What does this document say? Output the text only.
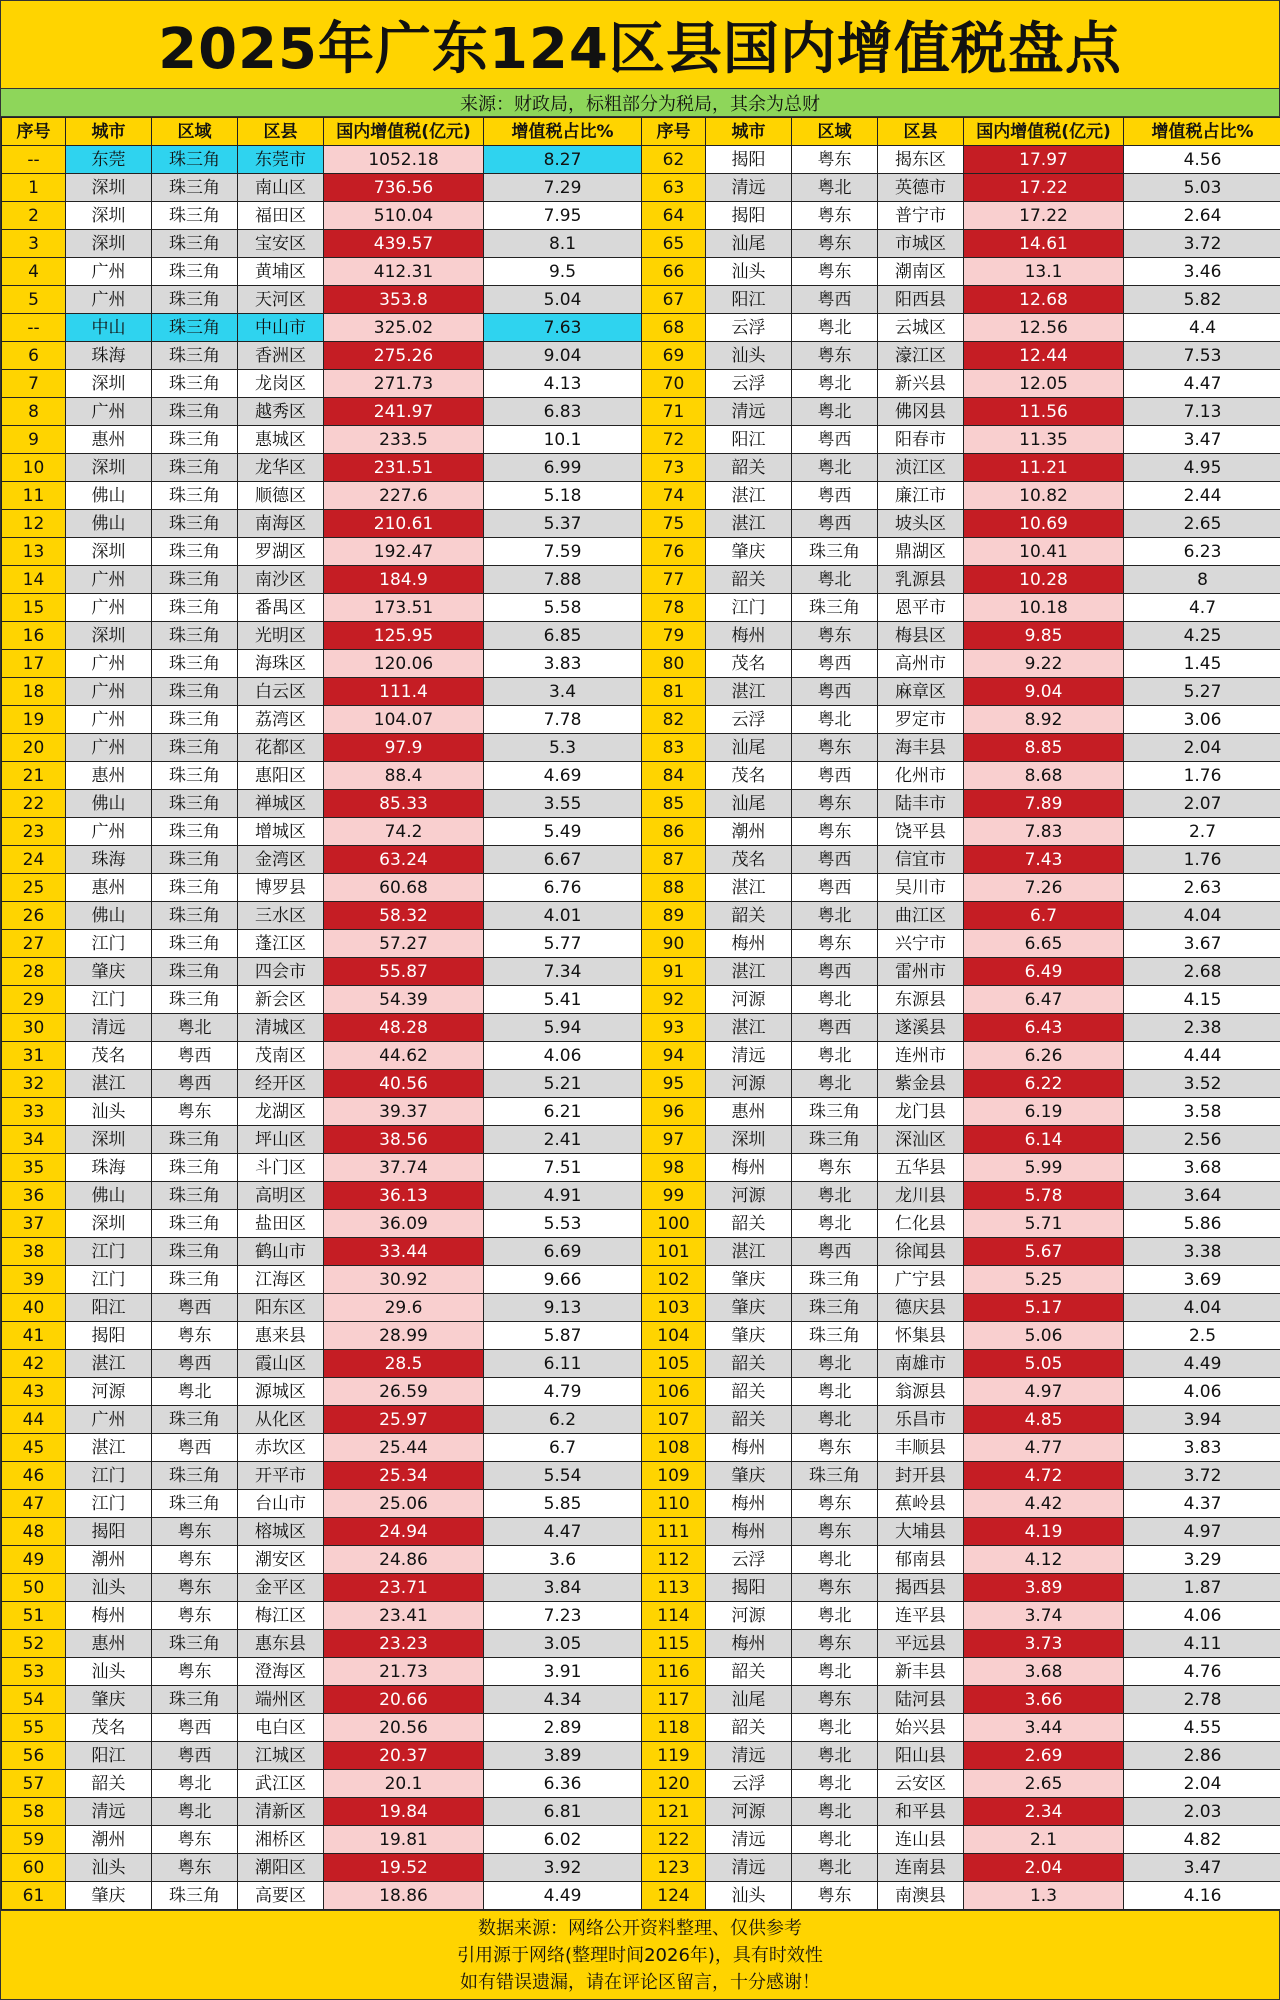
2025年广东124区县国内增值税盘点
来源：财政局，标粗部分为税局，其余为总财
序号	城市	区域	区县	国内增值税(亿元)	增值税占比%	序号	城市	区域	区县	国内增值税(亿元)	增值税占比%
--	东莞	珠三角	东莞市	1052.18	8.27	62	揭阳	粤东	揭东区	17.97	4.56
1	深圳	珠三角	南山区	736.56	7.29	63	清远	粤北	英德市	17.22	5.03
2	深圳	珠三角	福田区	510.04	7.95	64	揭阳	粤东	普宁市	17.22	2.64
3	深圳	珠三角	宝安区	439.57	8.1	65	汕尾	粤东	市城区	14.61	3.72
4	广州	珠三角	黄埔区	412.31	9.5	66	汕头	粤东	潮南区	13.1	3.46
5	广州	珠三角	天河区	353.8	5.04	67	阳江	粤西	阳西县	12.68	5.82
--	中山	珠三角	中山市	325.02	7.63	68	云浮	粤北	云城区	12.56	4.4
6	珠海	珠三角	香洲区	275.26	9.04	69	汕头	粤东	濠江区	12.44	7.53
7	深圳	珠三角	龙岗区	271.73	4.13	70	云浮	粤北	新兴县	12.05	4.47
8	广州	珠三角	越秀区	241.97	6.83	71	清远	粤北	佛冈县	11.56	7.13
9	惠州	珠三角	惠城区	233.5	10.1	72	阳江	粤西	阳春市	11.35	3.47
10	深圳	珠三角	龙华区	231.51	6.99	73	韶关	粤北	浈江区	11.21	4.95
11	佛山	珠三角	顺德区	227.6	5.18	74	湛江	粤西	廉江市	10.82	2.44
12	佛山	珠三角	南海区	210.61	5.37	75	湛江	粤西	坡头区	10.69	2.65
13	深圳	珠三角	罗湖区	192.47	7.59	76	肇庆	珠三角	鼎湖区	10.41	6.23
14	广州	珠三角	南沙区	184.9	7.88	77	韶关	粤北	乳源县	10.28	8
15	广州	珠三角	番禺区	173.51	5.58	78	江门	珠三角	恩平市	10.18	4.7
16	深圳	珠三角	光明区	125.95	6.85	79	梅州	粤东	梅县区	9.85	4.25
17	广州	珠三角	海珠区	120.06	3.83	80	茂名	粤西	高州市	9.22	1.45
18	广州	珠三角	白云区	111.4	3.4	81	湛江	粤西	麻章区	9.04	5.27
19	广州	珠三角	荔湾区	104.07	7.78	82	云浮	粤北	罗定市	8.92	3.06
20	广州	珠三角	花都区	97.9	5.3	83	汕尾	粤东	海丰县	8.85	2.04
21	惠州	珠三角	惠阳区	88.4	4.69	84	茂名	粤西	化州市	8.68	1.76
22	佛山	珠三角	禅城区	85.33	3.55	85	汕尾	粤东	陆丰市	7.89	2.07
23	广州	珠三角	增城区	74.2	5.49	86	潮州	粤东	饶平县	7.83	2.7
24	珠海	珠三角	金湾区	63.24	6.67	87	茂名	粤西	信宜市	7.43	1.76
25	惠州	珠三角	博罗县	60.68	6.76	88	湛江	粤西	吴川市	7.26	2.63
26	佛山	珠三角	三水区	58.32	4.01	89	韶关	粤北	曲江区	6.7	4.04
27	江门	珠三角	蓬江区	57.27	5.77	90	梅州	粤东	兴宁市	6.65	3.67
28	肇庆	珠三角	四会市	55.87	7.34	91	湛江	粤西	雷州市	6.49	2.68
29	江门	珠三角	新会区	54.39	5.41	92	河源	粤北	东源县	6.47	4.15
30	清远	粤北	清城区	48.28	5.94	93	湛江	粤西	遂溪县	6.43	2.38
31	茂名	粤西	茂南区	44.62	4.06	94	清远	粤北	连州市	6.26	4.44
32	湛江	粤西	经开区	40.56	5.21	95	河源	粤北	紫金县	6.22	3.52
33	汕头	粤东	龙湖区	39.37	6.21	96	惠州	珠三角	龙门县	6.19	3.58
34	深圳	珠三角	坪山区	38.56	2.41	97	深圳	珠三角	深汕区	6.14	2.56
35	珠海	珠三角	斗门区	37.74	7.51	98	梅州	粤东	五华县	5.99	3.68
36	佛山	珠三角	高明区	36.13	4.91	99	河源	粤北	龙川县	5.78	3.64
37	深圳	珠三角	盐田区	36.09	5.53	100	韶关	粤北	仁化县	5.71	5.86
38	江门	珠三角	鹤山市	33.44	6.69	101	湛江	粤西	徐闻县	5.67	3.38
39	江门	珠三角	江海区	30.92	9.66	102	肇庆	珠三角	广宁县	5.25	3.69
40	阳江	粤西	阳东区	29.6	9.13	103	肇庆	珠三角	德庆县	5.17	4.04
41	揭阳	粤东	惠来县	28.99	5.87	104	肇庆	珠三角	怀集县	5.06	2.5
42	湛江	粤西	霞山区	28.5	6.11	105	韶关	粤北	南雄市	5.05	4.49
43	河源	粤北	源城区	26.59	4.79	106	韶关	粤北	翁源县	4.97	4.06
44	广州	珠三角	从化区	25.97	6.2	107	韶关	粤北	乐昌市	4.85	3.94
45	湛江	粤西	赤坎区	25.44	6.7	108	梅州	粤东	丰顺县	4.77	3.83
46	江门	珠三角	开平市	25.34	5.54	109	肇庆	珠三角	封开县	4.72	3.72
47	江门	珠三角	台山市	25.06	5.85	110	梅州	粤东	蕉岭县	4.42	4.37
48	揭阳	粤东	榕城区	24.94	4.47	111	梅州	粤东	大埔县	4.19	4.97
49	潮州	粤东	潮安区	24.86	3.6	112	云浮	粤北	郁南县	4.12	3.29
50	汕头	粤东	金平区	23.71	3.84	113	揭阳	粤东	揭西县	3.89	1.87
51	梅州	粤东	梅江区	23.41	7.23	114	河源	粤北	连平县	3.74	4.06
52	惠州	珠三角	惠东县	23.23	3.05	115	梅州	粤东	平远县	3.73	4.11
53	汕头	粤东	澄海区	21.73	3.91	116	韶关	粤北	新丰县	3.68	4.76
54	肇庆	珠三角	端州区	20.66	4.34	117	汕尾	粤东	陆河县	3.66	2.78
55	茂名	粤西	电白区	20.56	2.89	118	韶关	粤北	始兴县	3.44	4.55
56	阳江	粤西	江城区	20.37	3.89	119	清远	粤北	阳山县	2.69	2.86
57	韶关	粤北	武江区	20.1	6.36	120	云浮	粤北	云安区	2.65	2.04
58	清远	粤北	清新区	19.84	6.81	121	河源	粤北	和平县	2.34	2.03
59	潮州	粤东	湘桥区	19.81	6.02	122	清远	粤北	连山县	2.1	4.82
60	汕头	粤东	潮阳区	19.52	3.92	123	清远	粤北	连南县	2.04	3.47
61	肇庆	珠三角	高要区	18.86	4.49	124	汕头	粤东	南澳县	1.3	4.16
数据来源：网络公开资料整理、仅供参考
引用源于网络(整理时间2026年)，具有时效性
如有错误遗漏，请在评论区留言，十分感谢！
